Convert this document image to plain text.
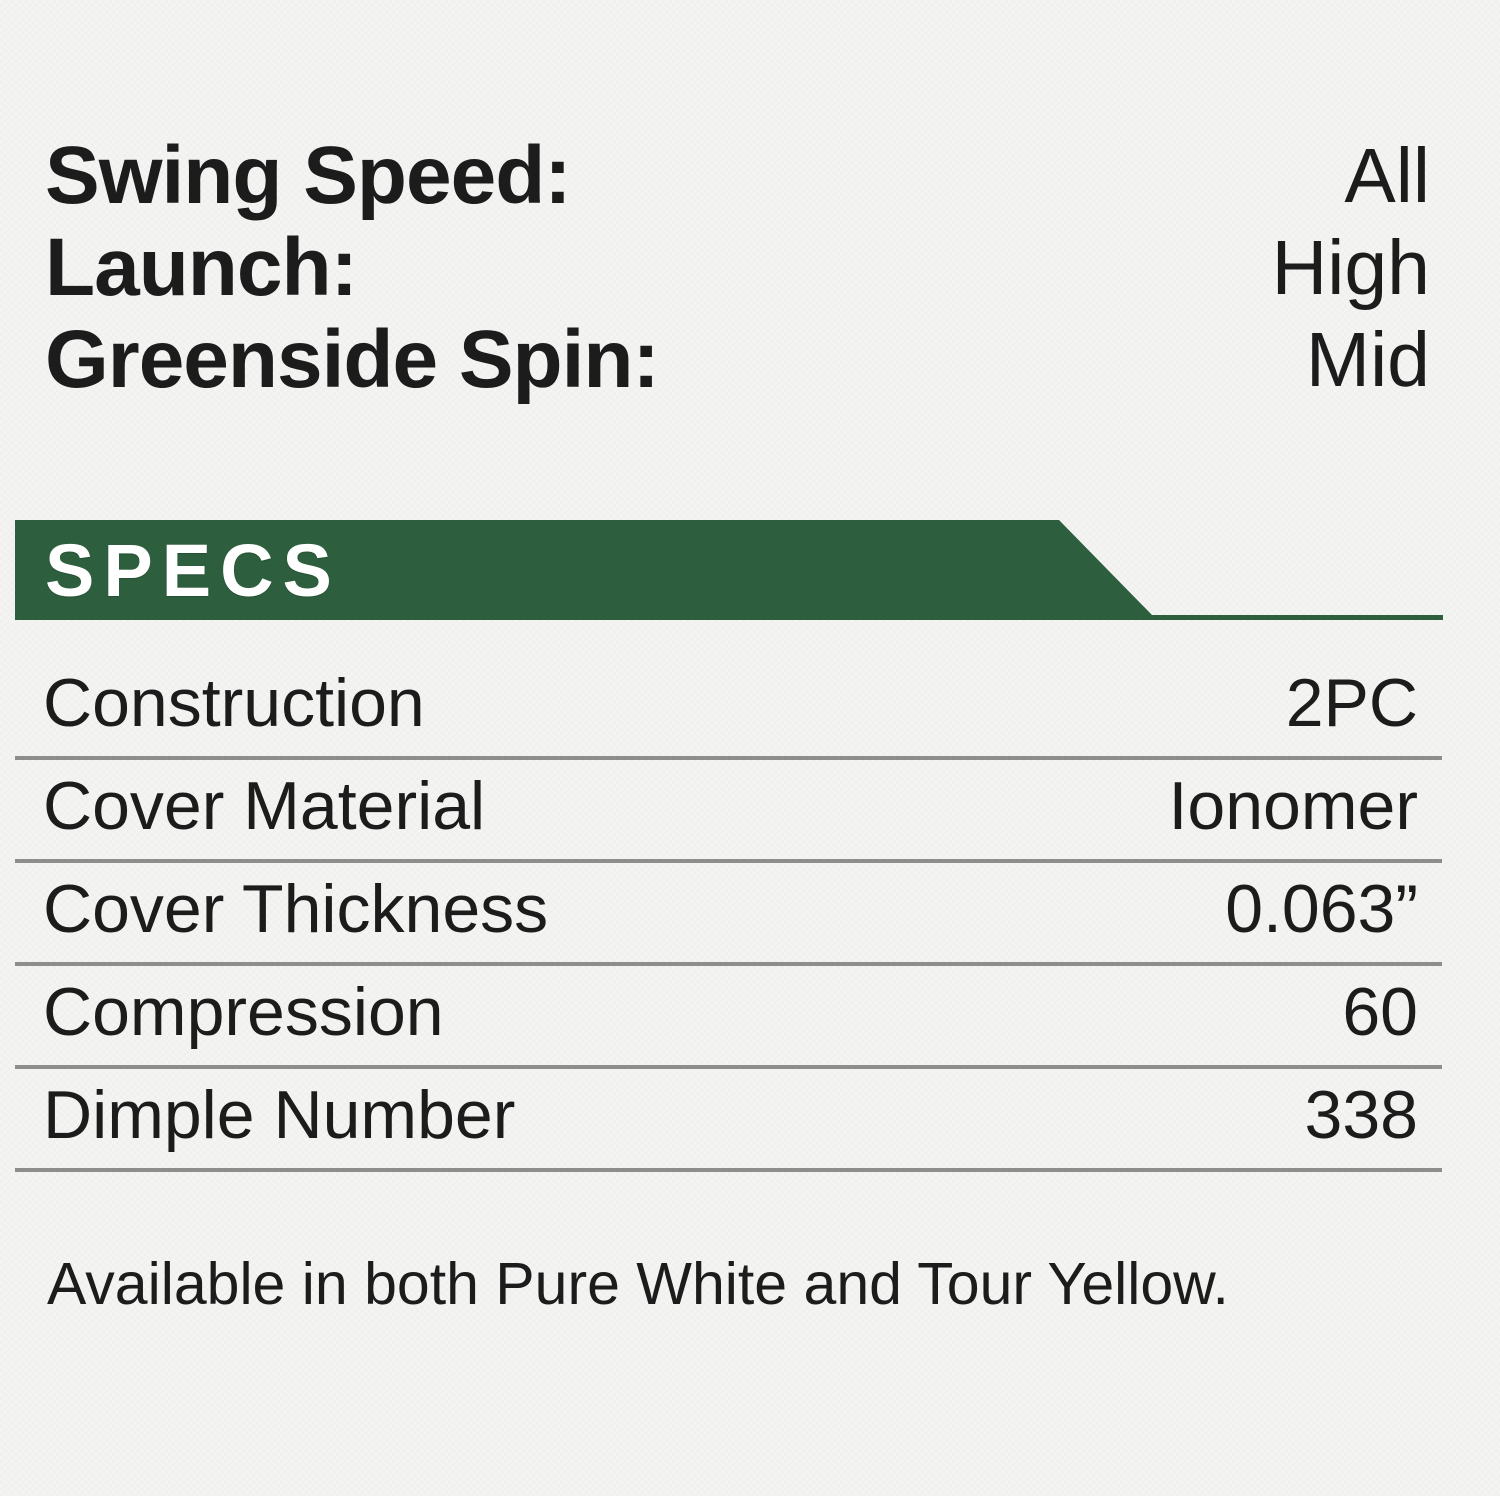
Swing Speed:	All
Launch:	High
Greenside Spin:	Mid
SPECS
Construction	2PC
Cover Material	Ionomer
Cover Thickness	0.063”
Compression	60
Dimple Number	338

Available in both Pure White and Tour Yellow.
